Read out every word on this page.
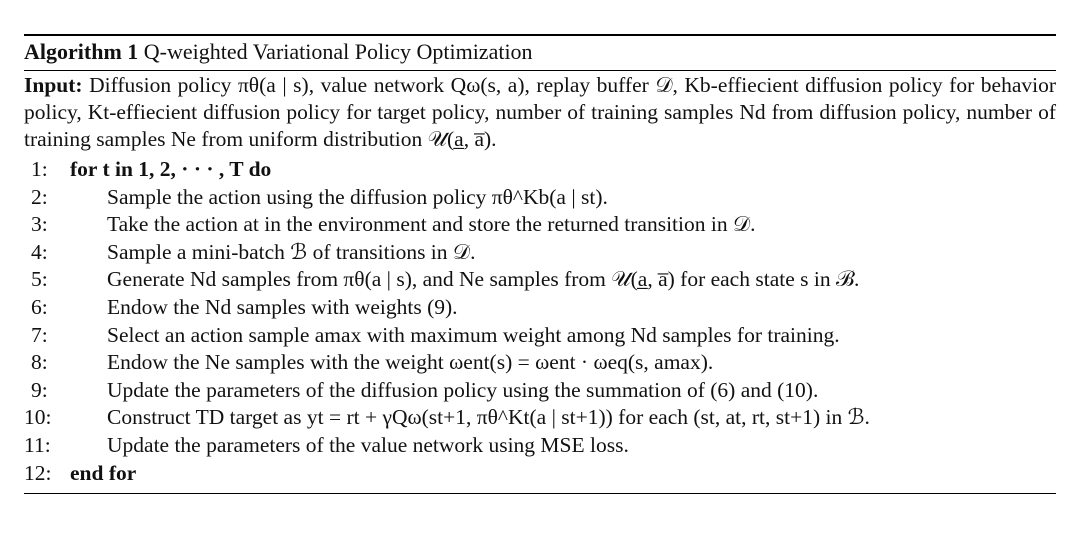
Algorithm 1 Q-weighted Variational Policy Optimization
Input: Diffusion policy πθ(a | s), value network Qω(s, a), replay buffer 𝒟, Kb-effiecient diffusion policy for behavior policy, Kt-effiecient diffusion policy for target policy, number of training samples Nd from diffusion policy, number of training samples Ne from uniform distribution 𝒰(a̲, a̅).
1:	for t in 1, 2, · · · , T do
2:	Sample the action using the diffusion policy πθ^Kb(a | st).
3:	Take the action at in the environment and store the returned transition in 𝒟.
4:	Sample a mini-batch ℬ of transitions in 𝒟.
5:	Generate Nd samples from πθ(a | s), and Ne samples from 𝒰(a̲, a̅) for each state s in ℬ.
6:	Endow the Nd samples with weights (9).
7:	Select an action sample amax with maximum weight among Nd samples for training.
8:	Endow the Ne samples with the weight ωent(s) = ωent · ωeq(s, amax).
9:	Update the parameters of the diffusion policy using the summation of (6) and (10).
10:	Construct TD target as yt = rt + γQω(st+1, πθ^Kt(a | st+1)) for each (st, at, rt, st+1) in ℬ.
11:	Update the parameters of the value network using MSE loss.
12: end for
